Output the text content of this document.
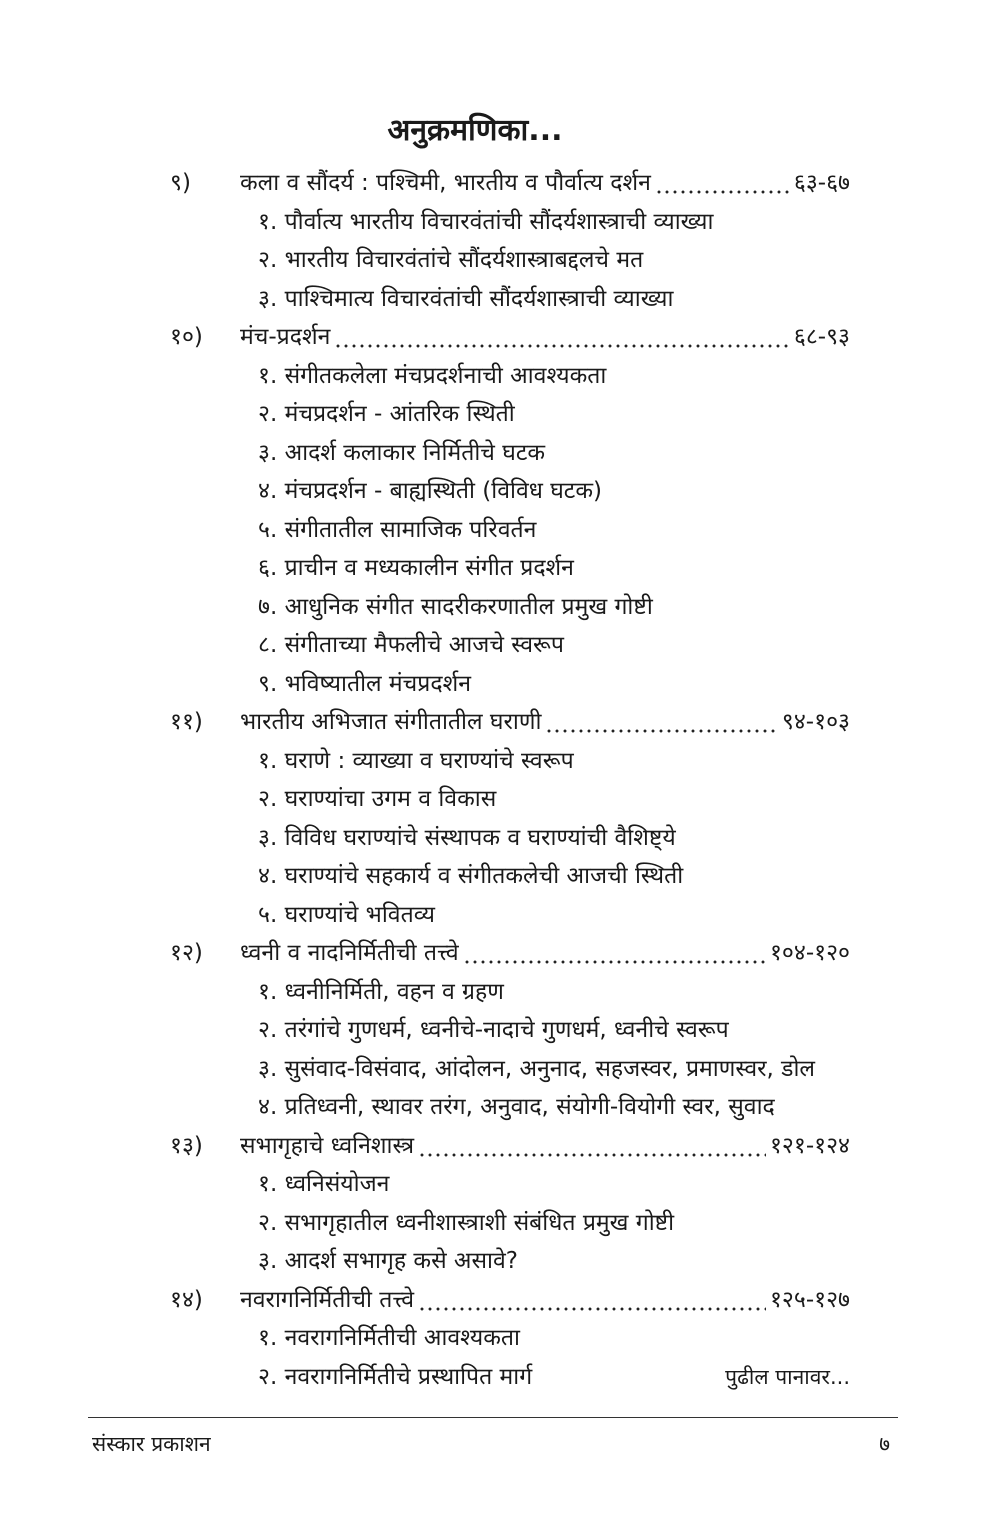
अनुक्रमणिका...
९)	कला व सौंदर्य : पश्चिमी, भारतीय व पौर्वात्य दर्शन	६३-६७
१. पौर्वात्य भारतीय विचारवंतांची सौंदर्यशास्त्राची व्याख्या
२. भारतीय विचारवंतांचे सौंदर्यशास्त्राबद्दलचे मत
३. पाश्चिमात्य विचारवंतांची सौंदर्यशास्त्राची व्याख्या
१०)	मंच-प्रदर्शन	६८-९३
१. संगीतकलेला मंचप्रदर्शनाची आवश्यकता
२. मंचप्रदर्शन - आंतरिक स्थिती
३. आदर्श कलाकार निर्मितीचे घटक
४. मंचप्रदर्शन - बाह्यस्थिती (विविध घटक)
५. संगीतातील सामाजिक परिवर्तन
६. प्राचीन व मध्यकालीन संगीत प्रदर्शन
७. आधुनिक संगीत सादरीकरणातील प्रमुख गोष्टी
८. संगीताच्या मैफलीचे आजचे स्वरूप
९. भविष्यातील मंचप्रदर्शन
११)	भारतीय अभिजात संगीतातील घराणी	९४-१०३
१. घराणे : व्याख्या व घराण्यांचे स्वरूप
२. घराण्यांचा उगम व विकास
३. विविध घराण्यांचे संस्थापक व घराण्यांची वैशिष्ट्ये
४. घराण्यांचे सहकार्य व संगीतकलेची आजची स्थिती
५. घराण्यांचे भवितव्य
१२)	ध्वनी व नादनिर्मितीची तत्त्वे	१०४-१२०
१. ध्वनीनिर्मिती, वहन व ग्रहण
२. तरंगांचे गुणधर्म, ध्वनीचे-नादाचे गुणधर्म, ध्वनीचे स्वरूप
३. सुसंवाद-विसंवाद, आंदोलन, अनुनाद, सहजस्वर, प्रमाणस्वर, डोल
४. प्रतिध्वनी, स्थावर तरंग, अनुवाद, संयोगी-वियोगी स्वर, सुवाद
१३)	सभागृहाचे ध्वनिशास्त्र	१२१-१२४
१. ध्वनिसंयोजन
२. सभागृहातील ध्वनीशास्त्राशी संबंधित प्रमुख गोष्टी
३. आदर्श सभागृह कसे असावे?
१४)	नवरागनिर्मितीची तत्त्वे	१२५-१२७
१. नवरागनिर्मितीची आवश्यकता
२. नवरागनिर्मितीचे प्रस्थापित मार्ग	पुढील पानावर...
संस्कार प्रकाशन	७
